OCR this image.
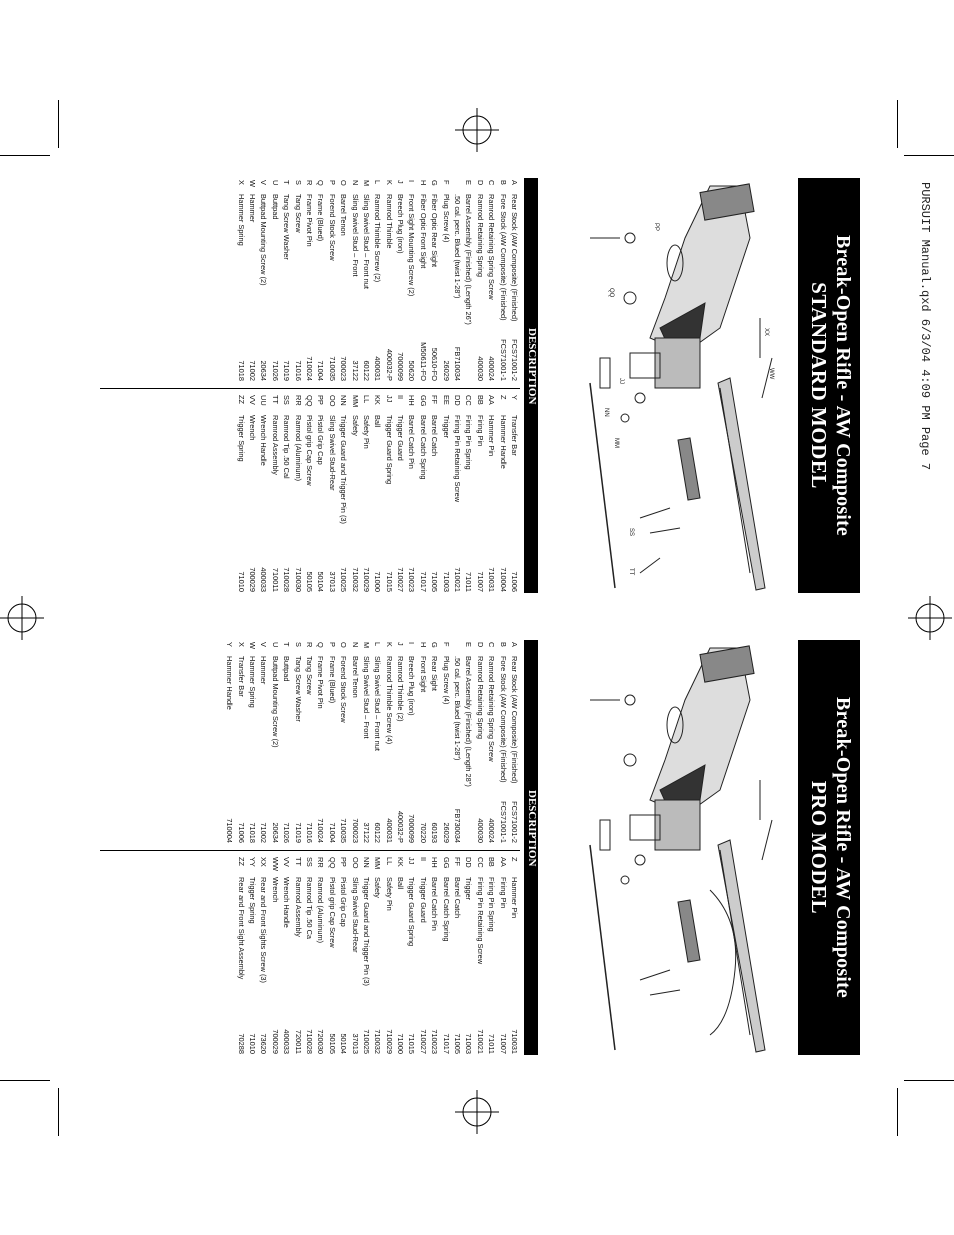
PURSUIT Manual.qxd 6/3/04 4:09 PM Page 7
Break-Open Rifle - AW Composite
STANDARD MODEL
PP
QQ
JJ
NN
MM
SS
TT
XX
WW
DESCRIPTION
A
Rear Stock (AW Composite) (Finished)
FCS71001-2
B
Fore Stock (AW Composite) (Finished)
FCS71001-1
C
Ramrod Retaining Spring Screw
400024
D
Ramrod Retaining Spring
400030
E
Barrel Assembly (Finished) (Length 26")
.50 cal. perc. Blued (twist 1-28")
FB710034
F
Plug Screw (4)
26029
G
Fiber Optic Rear Sight
50610-FO
H
Fiber Optic Front Sight
M50611-FO
I
Front Sight Mounting Screw (2)
50620
J
Breech Plug (iron)
7000099
K
Ramrod Thimble
400032-P
L
Ramrod Thimble Screw (2)
400031
M
Sling Swivel Stud – Front nut
60122
N
Sling Swivel Stud – Front
37122
O
Barrel Tenon
700023
P
Forend Stock Screw
710035
Q
Frame (Blued)
71004
R
Frame Pivot Pin
710024
S
Tang Screw
71016
T
Tang Screw Washer
71019
U
Buttpad
71026
V
Buttpad Mounting Screw (2)
20634
W
Hammer
71002
X
Hammer Spring
71018
Y
Transfer Bar
71006
Z
Hammer Handle
710004
AA
Hammer Pin
710031
BB
Firing Pin
71007
CC
Firing Pin Spring
71011
DD
Firing Pin Retaining Screw
710021
EE
Trigger
71003
FF
Barrel Catch
71005
GG
Barrel Catch Spring
71017
HH
Barrel Catch Pin
710023
II
Trigger Guard
710027
JJ
Trigger Guard Spring
71015
KK
Ball
71000
LL
Safety Pin
710029
MM
Safety
710032
NN
Trigger Guard and Trigger Pin (3)
710025
OO
Sling Swivel Stud-Rear
37013
PP
Pistol Grip Cap
50104
QQ
Pistol grip Cap Screw
50105
RR
Ramrod (Aluminum)
710030
SS
Ramrod Tip .50 Cal
710028
TT
Ramrod Assembly
710011
UU
Wrench Handle
400033
VV
Wrench
700029
ZZ
Trigger Spring
71010
Break-Open Rifle - AW Composite
PRO MODEL
DESCRIPTION
A
Rear Stock (AW Composite) (Finished)
FCS71001-2
B
Fore Stock (AW Composite) (Finished)
FCS71001-1
C
Ramrod Retaining Spring Screw
400024
D
Ramrod Retaining Spring
400030
E
Barrel Assembly (Finished) (Length 28")
.50 cal. perc. Blued (twist 1-28")
FB730034
F
Plug Screw (4)
26029
G
Rear Sight
60193
H
Front Sight
70220
I
Breech Plug (iron)
7000099
J
Ramrod Thimble (2)
400032-P
K
Ramrod Thimble Screw (4)
400031
L
Sling Swivel Stud – Front nut
60122
M
Sling Swivel Stud – Front
37122
N
Barrel Tenon
700023
O
Forend Stock Screw
710035
P
Frame (Blued)
71004
Q
Frame Pivot Pin
710024
R
Tang Screw
71016
S
Tang Screw Washer
71019
T
Buttpad
71026
U
Buttpad Mounting Screw (2)
20634
V
Hammer
71002
W
Hammer Spring
71018
X
Transfer Bar
71006
Y
Hammer Handle
710004
Z
Hammer Pin
710031
AA
Firing Pin
71007
BB
Firing Pin Spring
71011
CC
Firing Pin Retaining Screw
710021
DD
Trigger
71003
FF
Barrel Catch
71005
GG
Barrel Catch Spring
71017
HH
Barrel Catch Pin
710023
II
Trigger Guard
710027
JJ
Trigger Guard Spring
71015
KK
Ball
71000
LL
Safety Pin
710029
MM
Safety
710032
NN
Trigger Guard and Trigger Pin (3)
710025
OO
Sling Swivel Stud-Rear
37013
PP
Pistol Grip Cap
50104
QQ
Pistol grip Cap Screw
50105
RR
Ramrod (Aluminum)
720030
SS
Ramrod Tip .50 Ca
710028
TT
Ramrod Assembly
720011
VV
Wrench Handle
400033
WW
Wrench
700029
XX
Rear and Front Sights Screw (3)
73620
YY
Trigger Spring
71010
ZZ
Rear and Front Sight Assembly
70288
